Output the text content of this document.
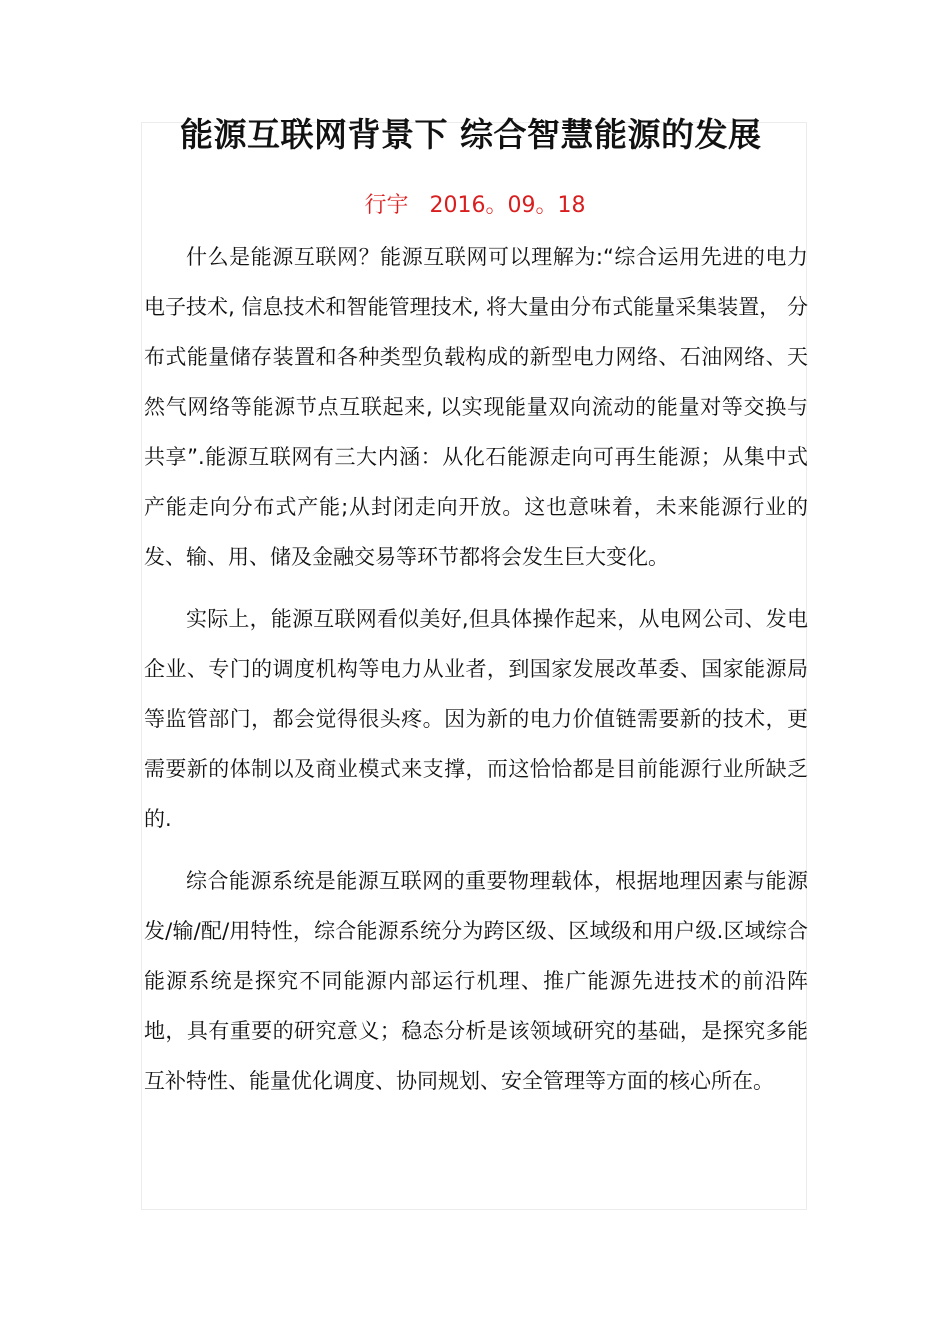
能源互联网背景下 综合智慧能源的发展
行宇   2016。09。18

什么是能源互联网？能源互联网可以理解为:“综合运用先进的电力电子技术, 信息技术和智能管理技术, 将大量由分布式能量采集装置， 分布式能量储存装置和各种类型负载构成的新型电力网络、石油网络、天然气网络等能源节点互联起来, 以实现能量双向流动的能量对等交换与共享”.能源互联网有三大内涵：从化石能源走向可再生能源；从集中式产能走向分布式产能;从封闭走向开放。这也意味着，未来能源行业的发、输、用、储及金融交易等环节都将会发生巨大变化。

实际上，能源互联网看似美好,但具体操作起来，从电网公司、发电企业、专门的调度机构等电力从业者，到国家发展改革委、国家能源局等监管部门，都会觉得很头疼。因为新的电力价值链需要新的技术，更需要新的体制以及商业模式来支撑，而这恰恰都是目前能源行业所缺乏的.

综合能源系统是能源互联网的重要物理载体，根据地理因素与能源发/输/配/用特性，综合能源系统分为跨区级、区域级和用户级.区域综合能源系统是探究不同能源内部运行机理、推广能源先进技术的前沿阵地，具有重要的研究意义；稳态分析是该领域研究的基础，是探究多能互补特性、能量优化调度、协同规划、安全管理等方面的核心所在。
